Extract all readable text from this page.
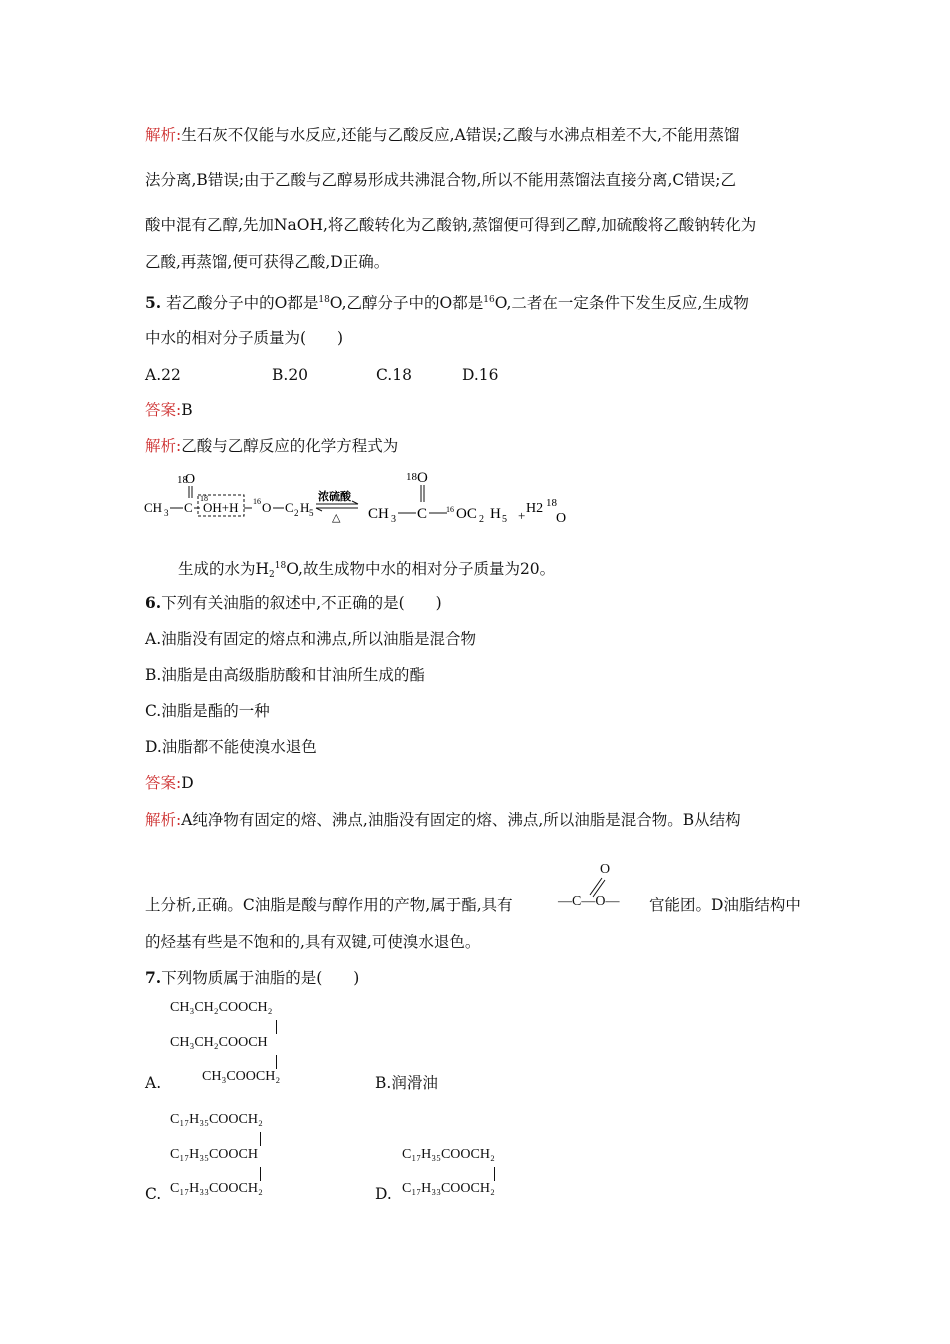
解析:生石灰不仅能与水反应,还能与乙酸反应,A错误;乙酸与水沸点相差不大,不能用蒸馏
法分离,B错误;由于乙酸与乙醇易形成共沸混合物,所以不能用蒸馏法直接分离,C错误;乙
酸中混有乙醇,先加NaOH,将乙酸转化为乙酸钠,蒸馏便可得到乙醇,加硫酸将乙酸钠转化为
乙酸,再蒸馏,便可获得乙酸,D正确。
5. 若乙酸分子中的O都是$^{18}$O,乙醇分子中的O都是$^{16}$O,二者在一定条件下发生反应,生成物
中水的相对分子质量为(　　)
A.22	B.20	C.18	D.16
答案:B
解析:乙酸与乙醇反应的化学方程式为
18
O
CH 3 C
18
OH+H 16 O C 2 H 5
浓硫酸
△
18 O
CH 3 C 16 OC 2 H 5 + H2 18
O
生成的水为$H_2^{18}O$,故生成物中水的相对分子质量为20。
6.下列有关油脂的叙述中,不正确的是(　　)
A.油脂没有固定的熔点和沸点,所以油脂是混合物
B.油脂是由高级脂肪酸和甘油所生成的酯
C.油脂是酯的一种
D.油脂都不能使溴水退色
答案:D
解析:A纯净物有固定的熔、沸点,油脂没有固定的熔、沸点,所以油脂是混合物。B从结构
上分析,正确。C油脂是酸与醇作用的产物,属于酯,具有
O
—C—O— 官能团。D油脂结构中
的烃基有些是不饱和的,具有双键,可使溴水退色。
7.下列物质属于油脂的是(　　)
A.
CH₃CH₂COOCH₂
CH₃CH₂COOCH
CH₃COOCH₂	B.润滑油
C.
C₁₇H₃₅COOCH₂
C₁₇H₃₅COOCH
C₁₇H₃₃COOCH₂	D.
C₁₇H₃₅COOCH₂
C₁₇H₃₃COOCH₂
